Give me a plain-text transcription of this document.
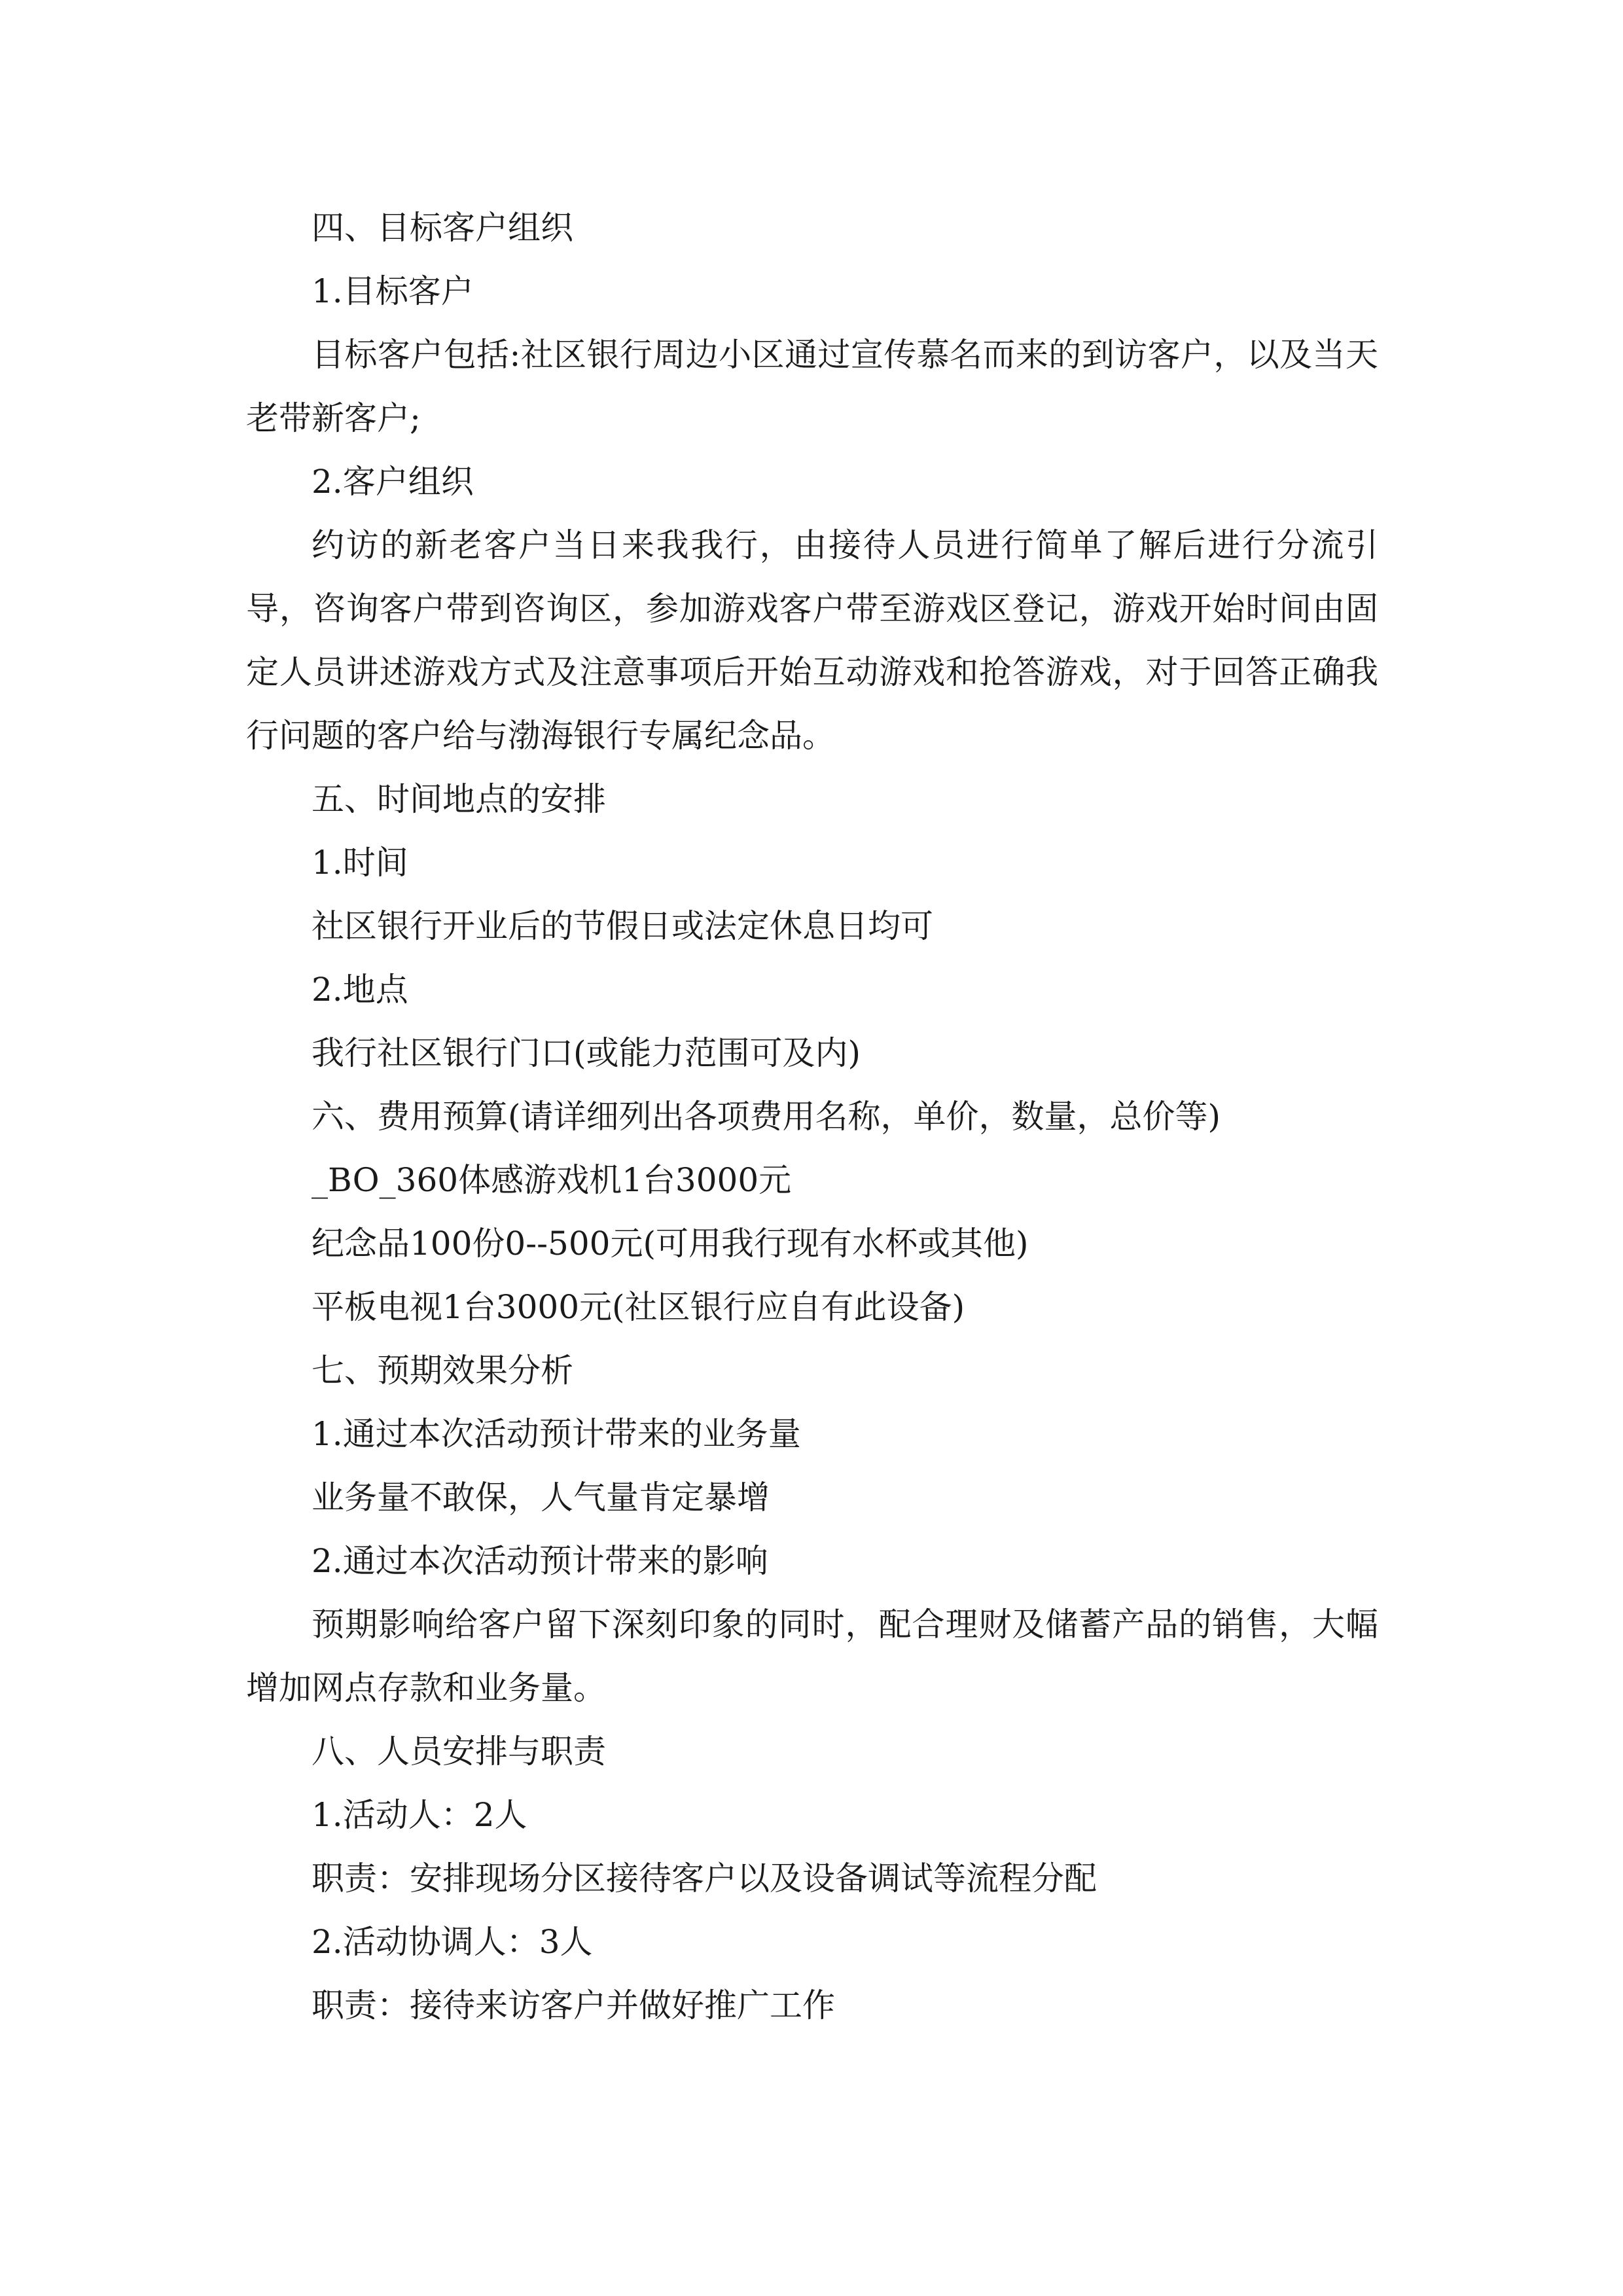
四、目标客户组织

1.目标客户

目标客户包括:社区银行周边小区通过宣传慕名而来的到访客户，以及当天老带新客户;

2.客户组织

约访的新老客户当日来我我行，由接待人员进行简单了解后进行分流引导，咨询客户带到咨询区，参加游戏客户带至游戏区登记，游戏开始时间由固定人员讲述游戏方式及注意事项后开始互动游戏和抢答游戏，对于回答正确我行问题的客户给与渤海银行专属纪念品。

五、时间地点的安排

1.时间

社区银行开业后的节假日或法定休息日均可

2.地点

我行社区银行门口(或能力范围可及内)

六、费用预算(请详细列出各项费用名称，单价，数量，总价等)

_BO_360体感游戏机1台3000元

纪念品100份0--500元(可用我行现有水杯或其他)

平板电视1台3000元(社区银行应自有此设备)

七、预期效果分析

1.通过本次活动预计带来的业务量

业务量不敢保，人气量肯定暴增

2.通过本次活动预计带来的影响

预期影响给客户留下深刻印象的同时，配合理财及储蓄产品的销售，大幅增加网点存款和业务量。

八、人员安排与职责

1.活动人：2人

职责：安排现场分区接待客户以及设备调试等流程分配

2.活动协调人：3人

职责：接待来访客户并做好推广工作
